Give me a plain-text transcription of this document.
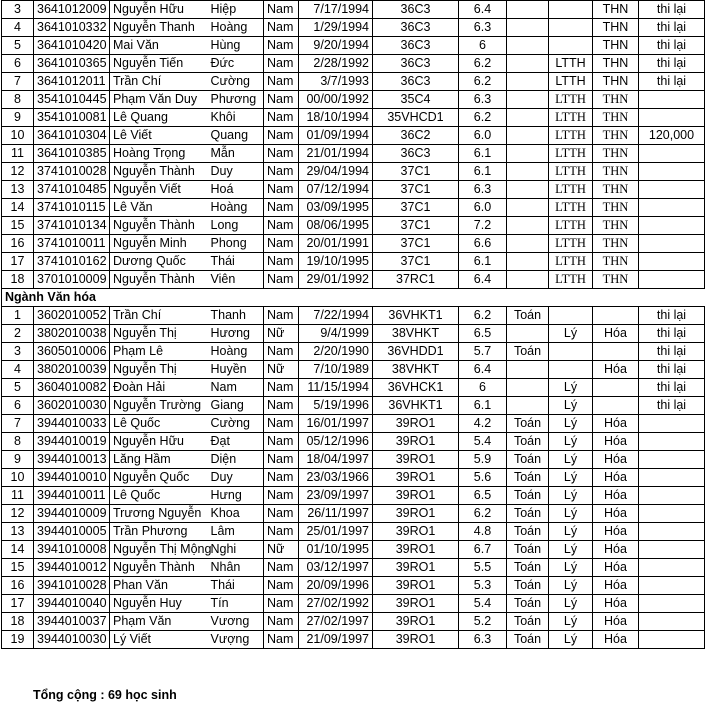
3	3641012009	Nguyễn Hữu	Hiệp	Nam	7/17/1994	36C3	6.4			THN	thi lại
4	3641010332	Nguyễn Thanh	Hoàng	Nam	1/29/1994	36C3	6.3			THN	thi lại
5	3641010420	Mai Văn	Hùng	Nam	9/20/1994	36C3	6			THN	thi lại
6	3641010365	Nguyễn Tiến	Đức	Nam	2/28/1992	36C3	6.2		LTTH	THN	thi lại
7	3641012011	Trần Chí	Cường	Nam	3/7/1993	36C3	6.2		LTTH	THN	thi lại
8	3541010445	Phạm Văn Duy	Phương	Nam	00/00/1992	35C4	6.3		LTTH	THN	
9	3541010081	Lê Quang	Khôi	Nam	18/10/1994	35VHCD1	6.2		LTTH	THN	
10	3641010304	Lê Viết	Quang	Nam	01/09/1994	36C2	6.0		LTTH	THN	120,000
11	3641010385	Hoàng Trọng	Mẫn	Nam	21/01/1994	36C3	6.1		LTTH	THN	
12	3741010028	Nguyễn Thành	Duy	Nam	29/04/1994	37C1	6.1		LTTH	THN	
13	3741010485	Nguyễn Viết	Hoá	Nam	07/12/1994	37C1	6.3		LTTH	THN	
14	3741010115	Lê Văn	Hoàng	Nam	03/09/1995	37C1	6.0		LTTH	THN	
15	3741010134	Nguyễn Thành	Long	Nam	08/06/1995	37C1	7.2		LTTH	THN	
16	3741010011	Nguyễn Minh	Phong	Nam	20/01/1991	37C1	6.6		LTTH	THN	
17	3741010162	Dương Quốc	Thái	Nam	19/10/1995	37C1	6.1		LTTH	THN	
18	3701010009	Nguyễn Thành	Viên	Nam	29/01/1992	37RC1	6.4		LTTH	THN	
Ngành Văn hóa											
1	3602010052	Trần Chí	Thanh	Nam	7/22/1994	36VHKT1	6.2	Toán			thi lại
2	3802010038	Nguyễn Thị	Hương	Nữ	9/4/1999	38VHKT	6.5		Lý	Hóa	thi lại
3	3605010006	Phạm Lê	Hoàng	Nam	2/20/1990	36VHDD1	5.7	Toán			thi lại
4	3802010039	Nguyễn Thị	Huyền	Nữ	7/10/1989	38VHKT	6.4			Hóa	thi lại
5	3604010082	Đoàn Hải	Nam	Nam	11/15/1994	36VHCK1	6		Lý		thi lại
6	3602010030	Nguyễn Trường	Giang	Nam	5/19/1996	36VHKT1	6.1		Lý		thi lại
7	3944010033	Lê Quốc	Cường	Nam	16/01/1997	39RO1	4.2	Toán	Lý	Hóa	
8	3944010019	Nguyễn Hữu	Đạt	Nam	05/12/1996	39RO1	5.4	Toán	Lý	Hóa	
9	3944010013	Lăng Hầm	Diện	Nam	18/04/1997	39RO1	5.9	Toán	Lý	Hóa	
10	3944010010	Nguyễn Quốc	Duy	Nam	23/03/1966	39RO1	5.6	Toán	Lý	Hóa	
11	3944010011	Lê Quốc	Hưng	Nam	23/09/1997	39RO1	6.5	Toán	Lý	Hóa	
12	3944010009	Trương Nguyễn	Khoa	Nam	26/11/1997	39RO1	6.2	Toán	Lý	Hóa	
13	3944010005	Trần Phương	Lâm	Nam	25/01/1997	39RO1	4.8	Toán	Lý	Hóa	
14	3941010008	Nguyễn Thị Mộng	Nghi	Nữ	01/10/1995	39RO1	6.7	Toán	Lý	Hóa	
15	3944010012	Nguyễn Thành	Nhân	Nam	03/12/1997	39RO1	5.5	Toán	Lý	Hóa	
16	3941010028	Phan Văn	Thái	Nam	20/09/1996	39RO1	5.3	Toán	Lý	Hóa	
17	3944010040	Nguyễn Huy	Tín	Nam	27/02/1992	39RO1	5.4	Toán	Lý	Hóa	
18	3944010037	Phạm Văn	Vương	Nam	27/02/1997	39RO1	5.2	Toán	Lý	Hóa	
19	3944010030	Lý Viết	Vượng	Nam	21/09/1997	39RO1	6.3	Toán	Lý	Hóa	
Tổng cộng : 69 học sinh
